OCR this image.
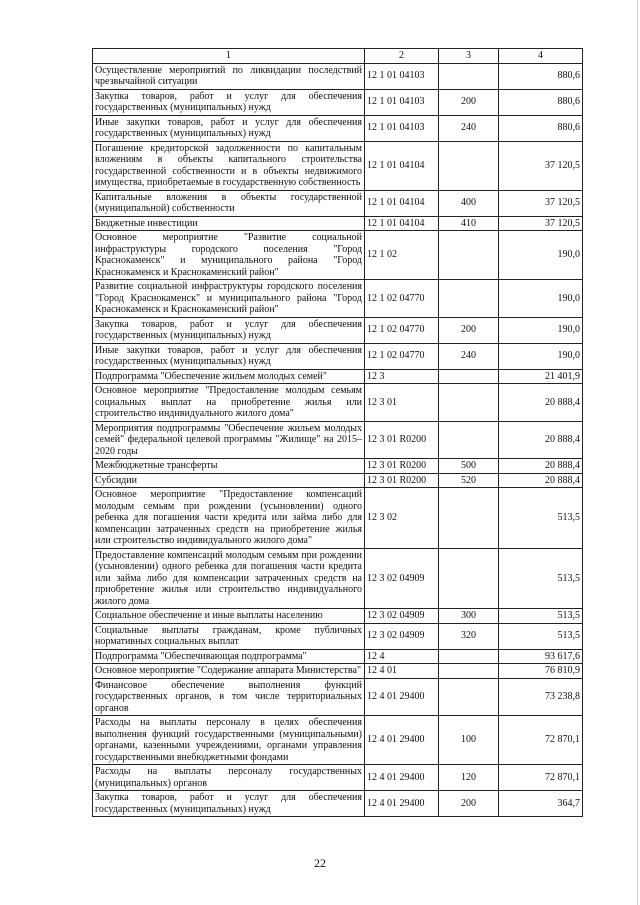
1	2	3	4
Осуществление мероприятий по ликвидации последствий чрезвычайной ситуации	12 1 01 04103		880,6
Закупка товаров, работ и услуг для обеспечения государственных (муниципальных) нужд	12 1 01 04103	200	880,6
Иные закупки товаров, работ и услуг для обеспечения государственных (муниципальных) нужд	12 1 01 04103	240	880,6
Погашение кредиторской задолженности по капитальным вложениям в объекты капитального строительства государственной собственности и в объекты недвижимого имущества, приобретаемые в государственную собственность	12 1 01 04104		37 120,5
Капитальные вложения в объекты государственной (муниципальной) собственности	12 1 01 04104	400	37 120,5
Бюджетные инвестиции	12 1 01 04104	410	37 120,5
Основное мероприятие "Развитие социальной инфраструктуры городского поселения "Город Краснокаменск" и муниципального района "Город Краснокаменск и Краснокаменский район"	12 1 02		190,0
Развитие социальной инфраструктуры городского поселения "Город Краснокаменск" и муниципального района "Город Краснокаменск и Краснокаменский район"	12 1 02 04770		190,0
Закупка товаров, работ и услуг для обеспечения государственных (муниципальных) нужд	12 1 02 04770	200	190,0
Иные закупки товаров, работ и услуг для обеспечения государственных (муниципальных) нужд	12 1 02 04770	240	190,0
Подпрограмма "Обеспечение жильем молодых семей"	12 3		21 401,9
Основное мероприятие "Предоставление молодым семьям социальных выплат на приобретение жилья или строительство индивидуального жилого дома"	12 3 01		20 888,4
Мероприятия подпрограммы "Обеспечение жильем молодых семей" федеральной целевой программы "Жилище" на 2015–2020 годы	12 3 01 R0200		20 888,4
Межбюджетные трансферты	12 3 01 R0200	500	20 888,4
Субсидии	12 3 01 R0200	520	20 888,4
Основное мероприятие "Предоставление компенсаций молодым семьям при рождении (усыновлении) одного ребенка для погашения части кредита или займа либо для компенсации затраченных средств на приобретение жилья или строительство индивидуального жилого дома"	12 3 02		513,5
Предоставление компенсаций молодым семьям при рождении (усыновлении) одного ребенка для погашения части кредита или займа либо для компенсации затраченных средств на приобретение жилья или строительство индивидуального жилого дома	12 3 02 04909		513,5
Социальное обеспечение и иные выплаты населению	12 3 02 04909	300	513,5
Социальные выплаты гражданам, кроме публичных нормативных социальных выплат	12 3 02 04909	320	513,5
Подпрограмма "Обеспечивающая подпрограмма"	12 4		93 617,6
Основное мероприятие "Содержание аппарата Министерства"	12 4 01		76 810,9
Финансовое обеспечение выполнения функций государственных органов, в том числе территориальных органов	12 4 01 29400		73 238,8
Расходы на выплаты персоналу в целях обеспечения выполнения функций государственными (муниципальными) органами, казенными учреждениями, органами управления государственными внебюджетными фондами	12 4 01 29400	100	72 870,1
Расходы на выплаты персоналу государственных (муниципальных) органов	12 4 01 29400	120	72 870,1
Закупка товаров, работ и услуг для обеспечения государственных (муниципальных) нужд	12 4 01 29400	200	364,7
22
